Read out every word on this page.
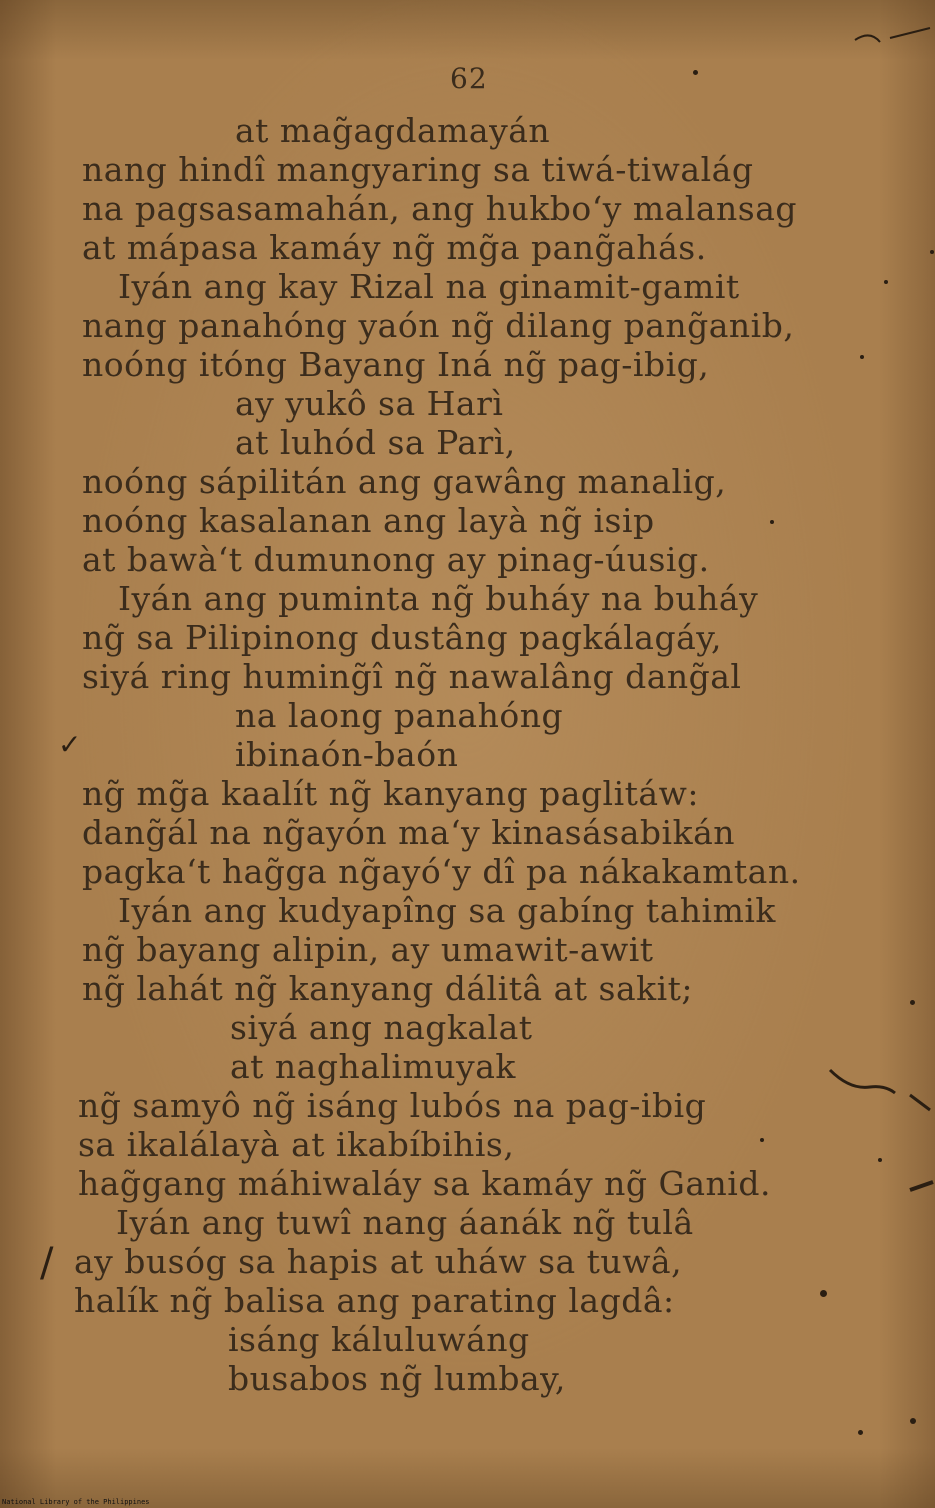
62
at mag̃agdamayán
nang hindî mangyaring sa tiwá-tiwalág
na pagsasamahán, ang hukbo‘y malansag
at mápasa kamáy ng̃ mg̃a pang̃ahás.
Iyán ang kay Rizal na ginamit-gamit
nang panahóng yaón ng̃ dilang pang̃anib,
noóng itóng Bayang Iná ng̃ pag-ibig,
ay yukô sa Harì
at luhód sa Parì,
noóng sápilitán ang gawâng manalig,
noóng kasalanan ang layà ng̃ isip
at bawà‘t dumunong ay pinag-úusig.
Iyán ang puminta ng̃ buháy na buháy
ng̃ sa Pilipinong dustâng pagkálagáy,
siyá ring huming̃î ng̃ nawalâng dang̃al
na laong panahóng
ibinaón-baón
ng̃ mg̃a kaalít ng̃ kanyang paglitáw:
dang̃ál na ng̃ayón ma‘y kinasásabikán
pagka‘t hag̃ga ng̃ayó‘y dî pa nákakamtan.
Iyán ang kudyapîng sa gabíng tahimik
ng̃ bayang alipin, ay umawit-awit
ng̃ lahát ng̃ kanyang dálitâ at sakit;
siyá ang nagkalat
at naghalimuyak
ng̃ samyô ng̃ isáng lubós na pag-ibig
sa ikalálayà at ikabíbihis,
hag̃gang máhiwaláy sa kamáy ng̃ Ganid.
Iyán ang tuwî nang áanák ng̃ tulâ
ay busóg sa hapis at uháw sa tuwâ,
halík ng̃ balisa ang parating lagdâ:
isáng káluluwáng
busabos ng̃ lumbay,
✓
/
National Library of the Philippines
